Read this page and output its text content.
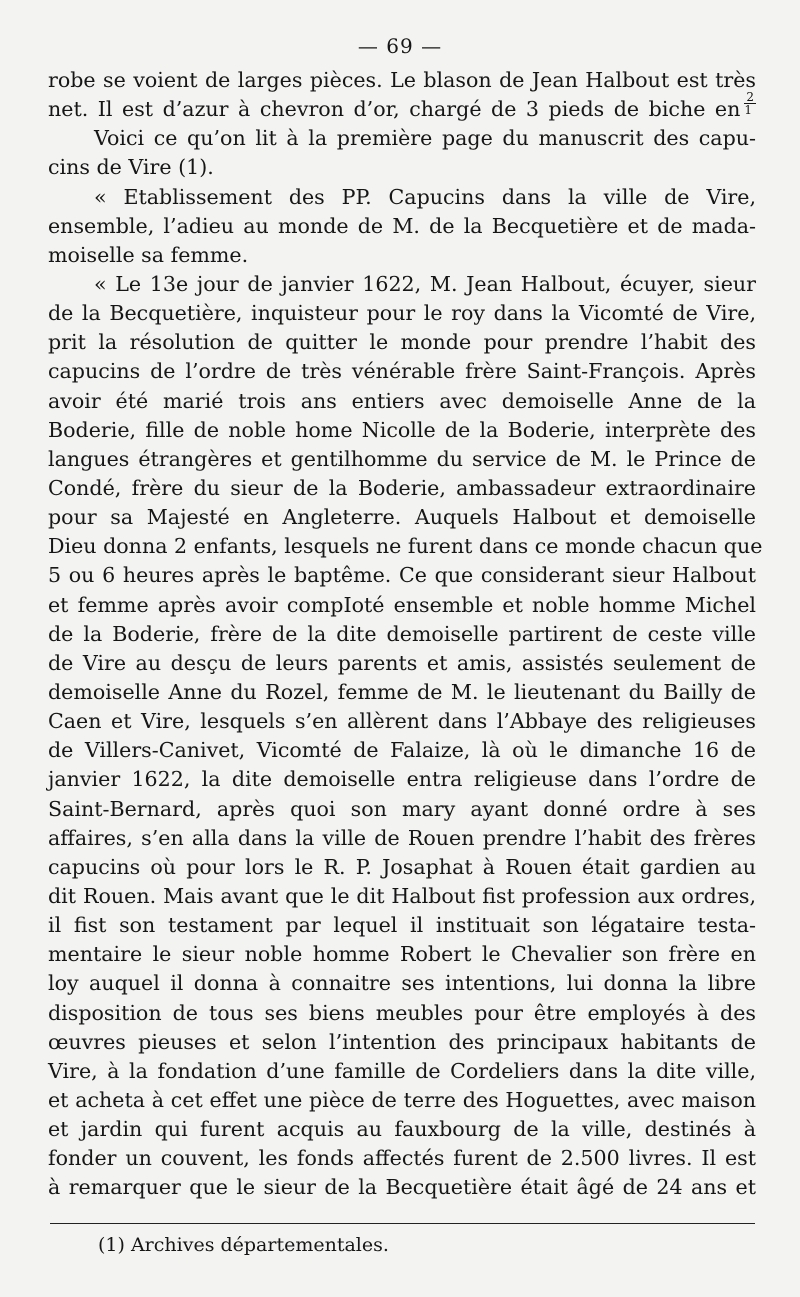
— 69 —
robe se voient de larges pièces. Le blason de Jean Halbout est très
net. Il est d’azur à chevron d’or, chargé de 3 pieds de biche en $\frac{2}{1}$
Voici ce qu’on lit à la première page du manuscrit des capu-
cins de Vire (1).
« Etablissement des PP. Capucins dans la ville de Vire,
ensemble, l’adieu au monde de M. de la Becquetière et de mada-
moiselle sa femme.
« Le 13e jour de janvier 1622, M. Jean Halbout, écuyer, sieur
de la Becquetière, inquisteur pour le roy dans la Vicomté de Vire,
prit la résolution de quitter le monde pour prendre l’habit des
capucins de l’ordre de très vénérable frère Saint-François. Après
avoir été marié trois ans entiers avec demoiselle Anne de la
Boderie, fille de noble home Nicolle de la Boderie, interprète des
langues étrangères et gentilhomme du service de M. le Prince de
Condé, frère du sieur de la Boderie, ambassadeur extraordinaire
pour sa Majesté en Angleterre. Auquels Halbout et demoiselle
Dieu donna 2 enfants, lesquels ne furent dans ce monde chacun que
5 ou 6 heures après le baptême. Ce que considerant sieur Halbout
et femme après avoir compIoté ensemble et noble homme Michel
de la Boderie, frère de la dite demoiselle partirent de ceste ville
de Vire au desçu de leurs parents et amis, assistés seulement de
demoiselle Anne du Rozel, femme de M. le lieutenant du Bailly de
Caen et Vire, lesquels s’en allèrent dans l’Abbaye des religieuses
de Villers-Canivet, Vicomté de Falaize, là où le dimanche 16 de
janvier 1622, la dite demoiselle entra religieuse dans l’ordre de
Saint-Bernard, après quoi son mary ayant donné ordre à ses
affaires, s’en alla dans la ville de Rouen prendre l’habit des frères
capucins où pour lors le R. P. Josaphat à Rouen était gardien au
dit Rouen. Mais avant que le dit Halbout fist profession aux ordres,
il fist son testament par lequel il instituait son légataire testa-
mentaire le sieur noble homme Robert le Chevalier son frère en
loy auquel il donna à connaitre ses intentions, lui donna la libre
disposition de tous ses biens meubles pour être employés à des
œuvres pieuses et selon l’intention des principaux habitants de
Vire, à la fondation d’une famille de Cordeliers dans la dite ville,
et acheta à cet effet une pièce de terre des Hoguettes, avec maison
et jardin qui furent acquis au fauxbourg de la ville, destinés à
fonder un couvent, les fonds affectés furent de 2.500 livres. Il est
à remarquer que le sieur de la Becquetière était âgé de 24 ans et
(1) Archives départementales.
